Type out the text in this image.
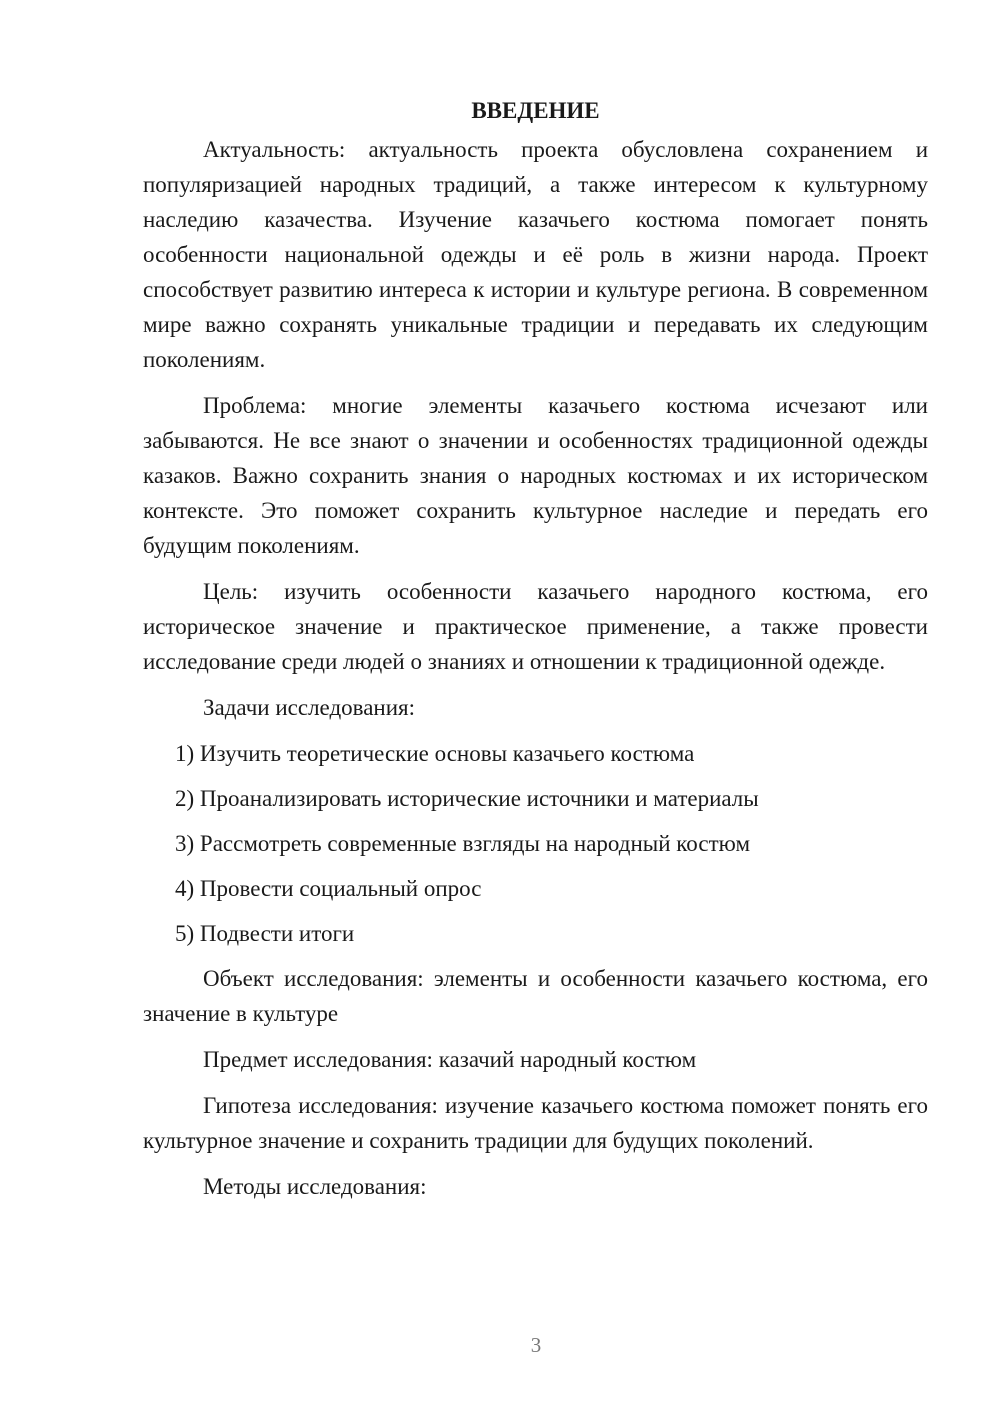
ВВЕДЕНИЕ

Актуальность: актуальность проекта обусловлена сохранением и популяризацией народных традиций, а также интересом к культурному наследию казачества. Изучение казачьего костюма помогает понять особенности национальной одежды и её роль в жизни народа. Проект способствует развитию интереса к истории и культуре региона. В современном мире важно сохранять уникальные традиции и передавать их следующим поколениям.

Проблема: многие элементы казачьего костюма исчезают или забываются. Не все знают о значении и особенностях традиционной одежды казаков. Важно сохранить знания о народных костюмах и их историческом контексте. Это поможет сохранить культурное наследие и передать его будущим поколениям.

Цель: изучить особенности казачьего народного костюма, его историческое значение и практическое применение, а также провести исследование среди людей о знаниях и отношении к традиционной одежде.

Задачи исследования:

1) Изучить теоретические основы казачьего костюма
2) Проанализировать исторические источники и материалы
3) Рассмотреть современные взгляды на народный костюм
4) Провести социальный опрос
5) Подвести итоги

Объект исследования: элементы и особенности казачьего костюма, его значение в культуре

Предмет исследования: казачий народный костюм

Гипотеза исследования: изучение казачьего костюма поможет понять его культурное значение и сохранить традиции для будущих поколений.

Методы исследования:

3
